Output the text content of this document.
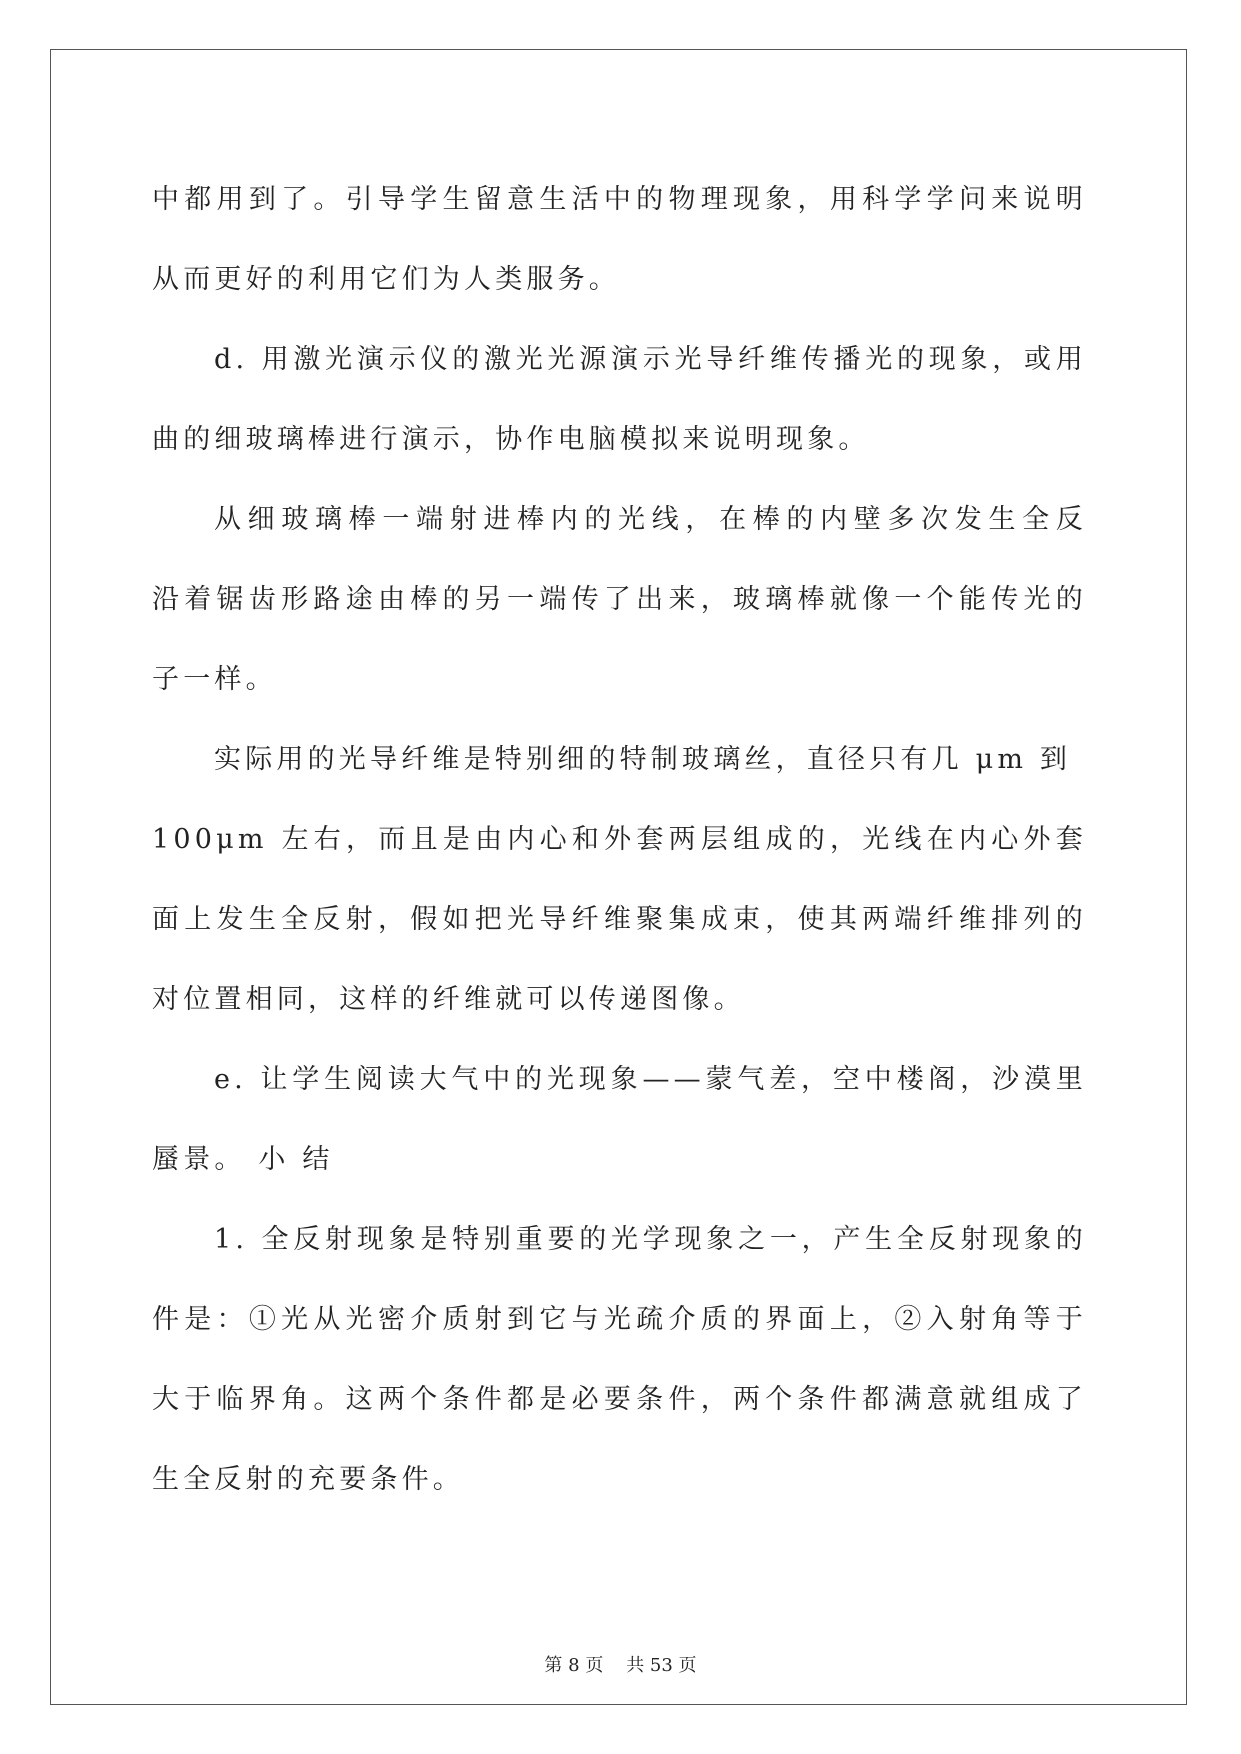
中都用到了。引导学生留意生活中的物理现象，用科学学问来说明
从而更好的利用它们为人类服务。
d. 用激光演示仪的激光光源演示光导纤维传播光的现象，或用
曲的细玻璃棒进行演示，协作电脑模拟来说明现象。
从细玻璃棒一端射进棒内的光线，在棒的内壁多次发生全反
沿着锯齿形路途由棒的另一端传了出来，玻璃棒就像一个能传光的
子一样。
实际用的光导纤维是特别细的特制玻璃丝，直径只有几 μm 到
100μm 左右，而且是由内心和外套两层组成的，光线在内心外套
面上发生全反射，假如把光导纤维聚集成束，使其两端纤维排列的
对位置相同，这样的纤维就可以传递图像。
e. 让学生阅读大气中的光现象——蒙气差，空中楼阁，沙漠里
蜃景。 小 结
1. 全反射现象是特别重要的光学现象之一，产生全反射现象的
件是：①光从光密介质射到它与光疏介质的界面上，②入射角等于
大于临界角。这两个条件都是必要条件，两个条件都满意就组成了
生全反射的充要条件。
第 8 页    共 53 页
